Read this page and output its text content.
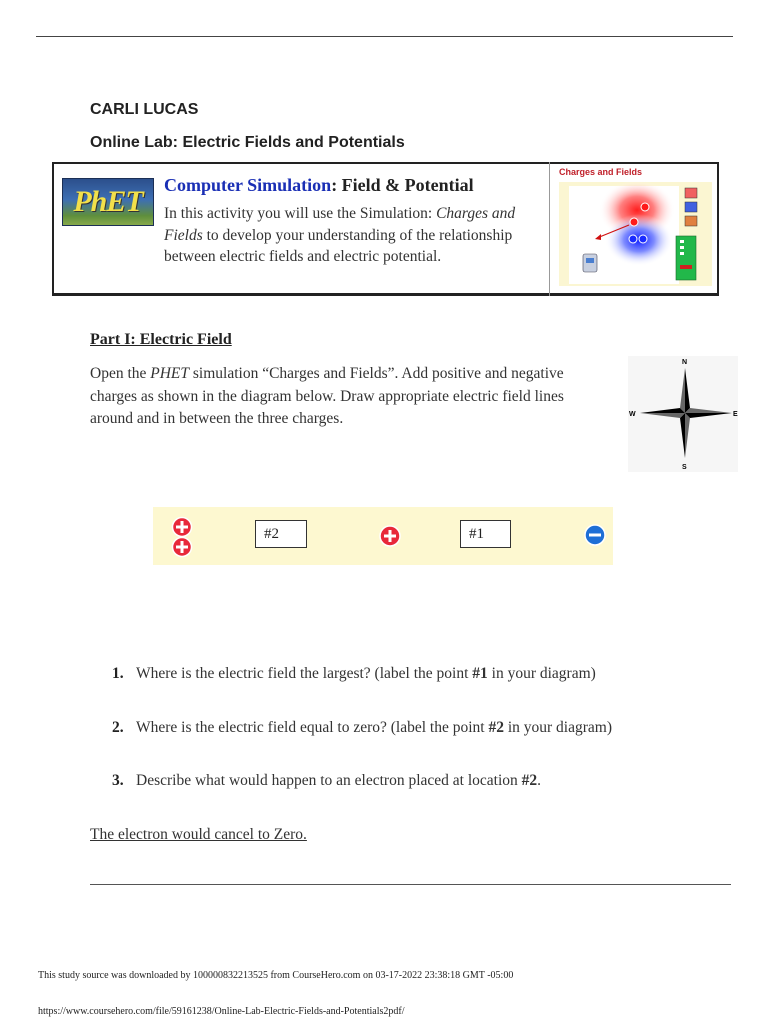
CARLI LUCAS
Online Lab: Electric Fields and Potentials
PhET Computer Simulation: Field & Potential
In this activity you will use the Simulation: Charges and Fields to develop your understanding of the relationship between electric fields and electric potential.
Charges and Fields
Part I: Electric Field
Open the PHET simulation “Charges and Fields”. Add positive and negative charges as shown in the diagram below. Draw appropriate electric field lines around and in between the three charges.
N
S
W	E
#2	#1
1. Where is the electric field the largest? (label the point #1 in your diagram)
2. Where is the electric field equal to zero? (label the point #2 in your diagram)
3. Describe what would happen to an electron placed at location #2.
The electron would cancel to Zero.
This study source was downloaded by 100000832213525 from CourseHero.com on 03-17-2022 23:38:18 GMT -05:00
https://www.coursehero.com/file/59161238/Online-Lab-Electric-Fields-and-Potentials2pdf/
